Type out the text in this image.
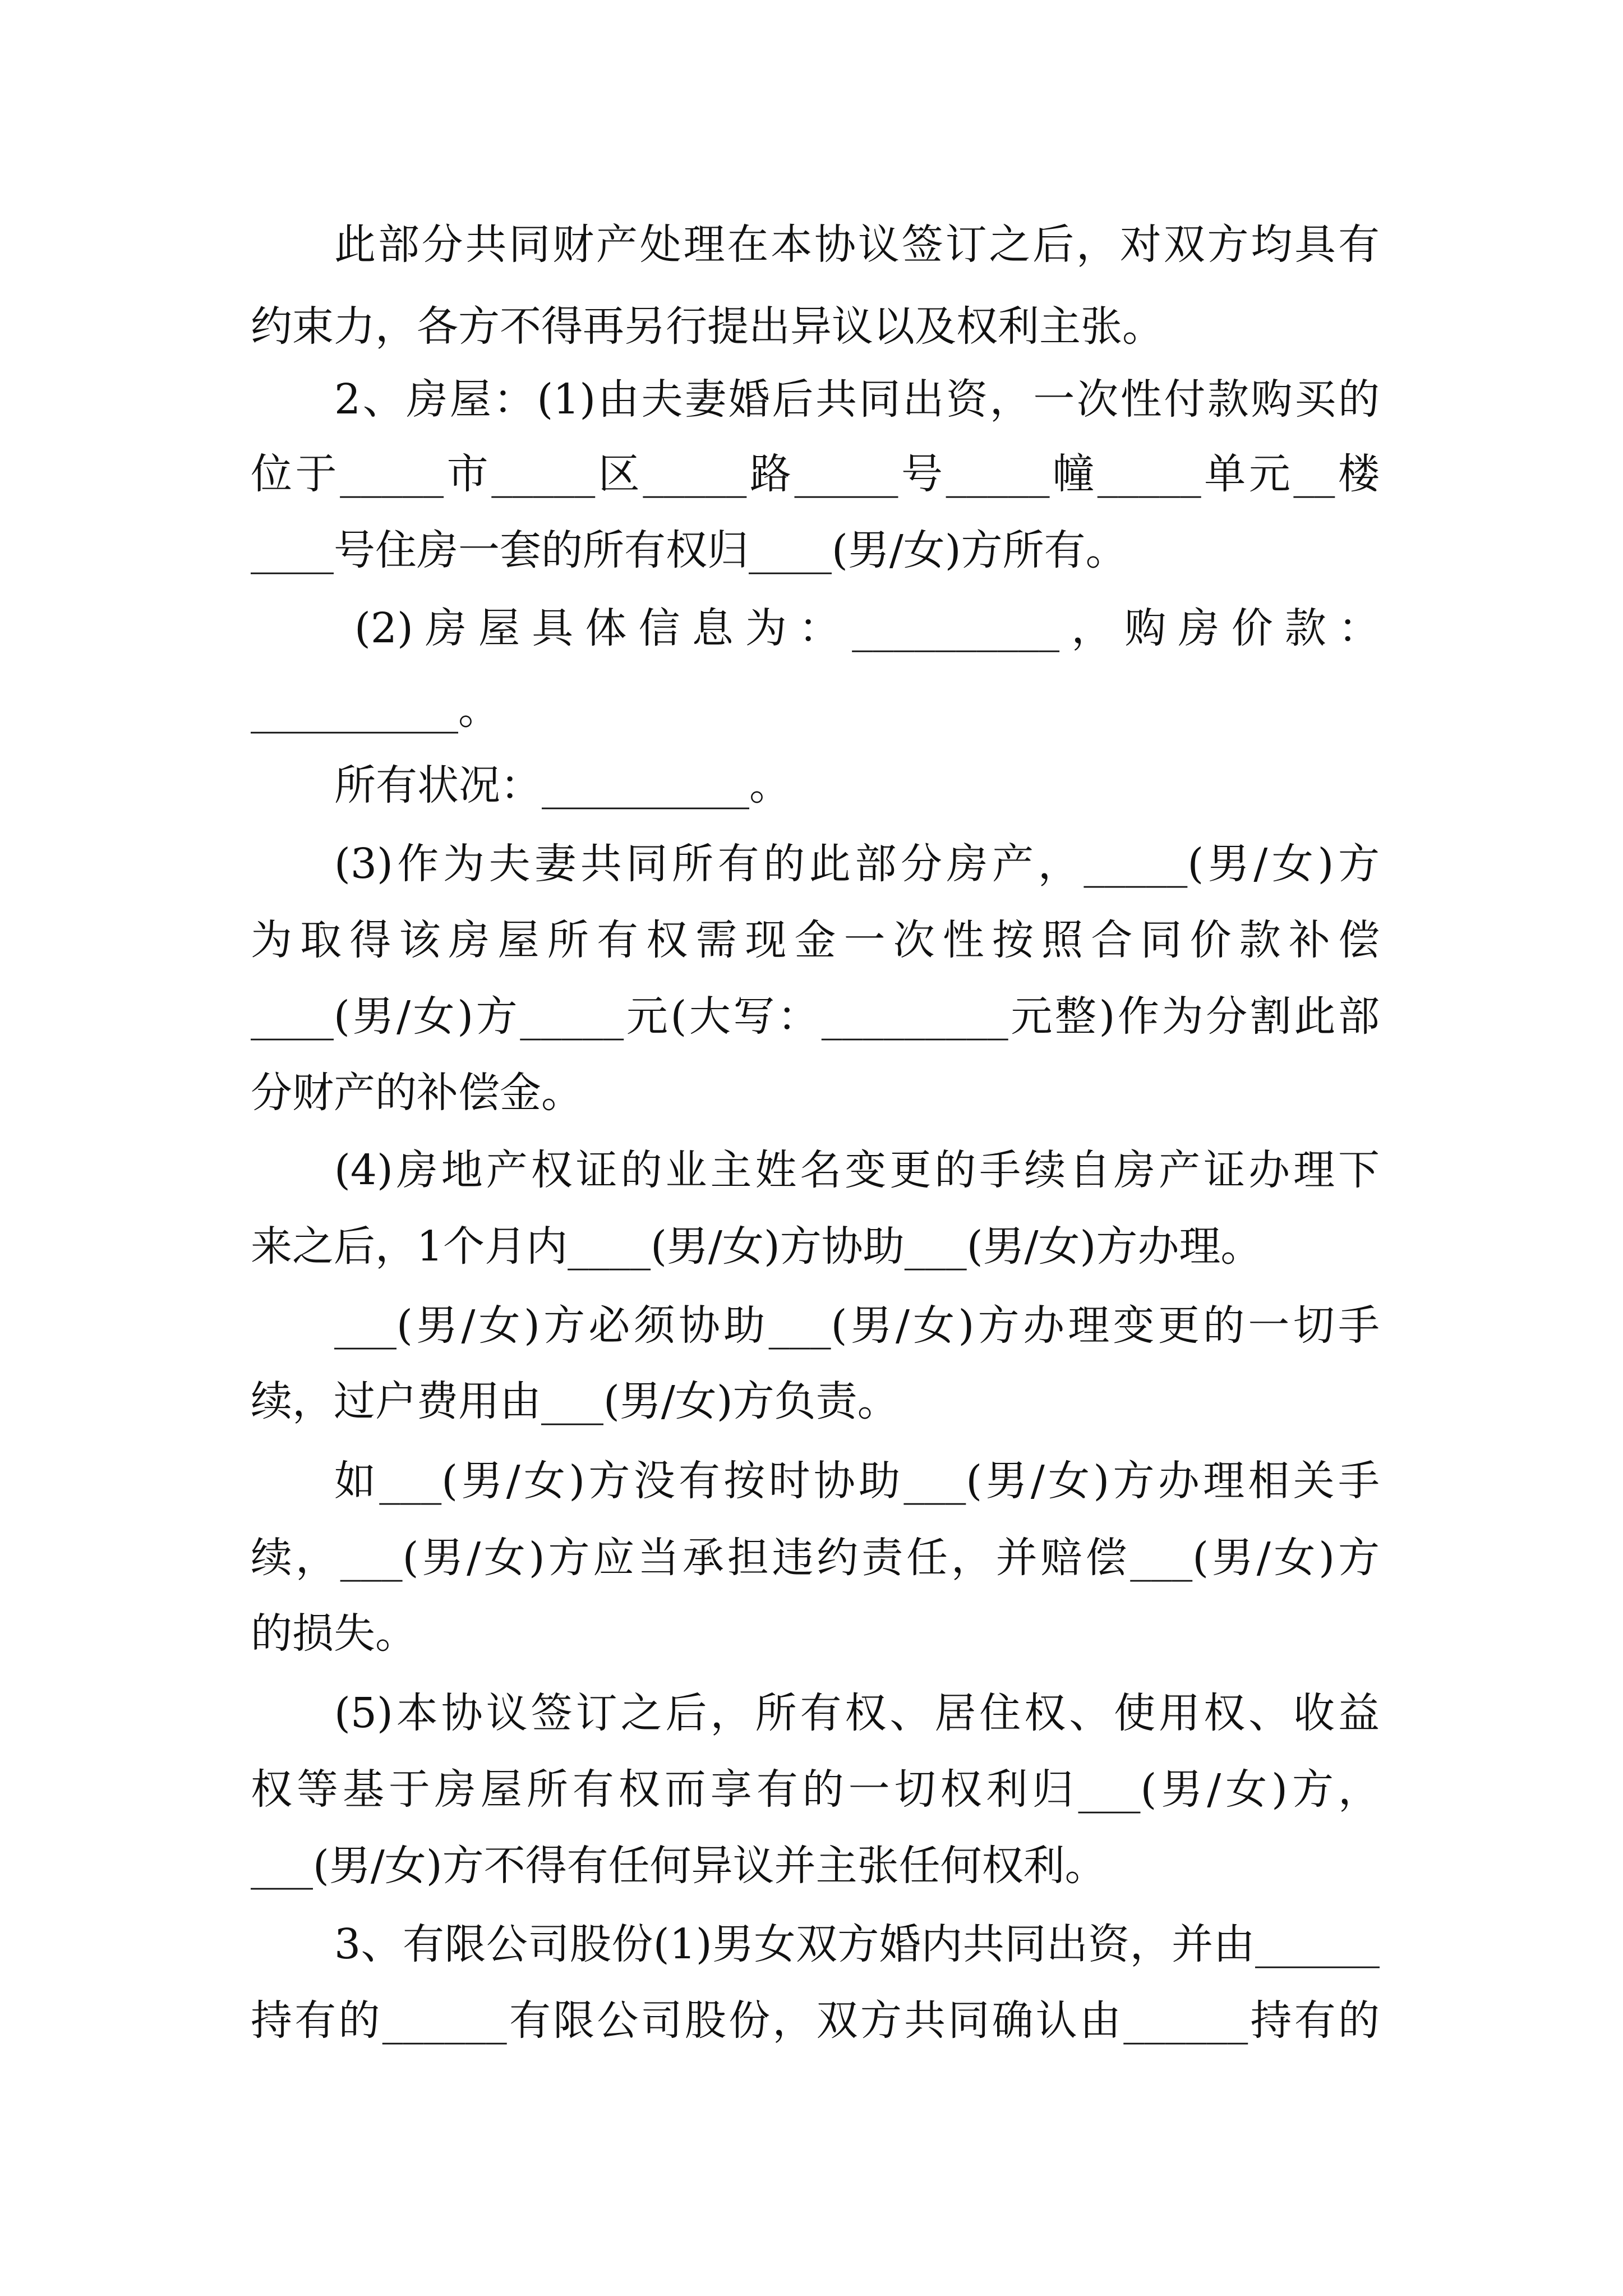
此部分共同财产处理在本协议签订之后，对双方均具有
约束力，各方不得再另行提出异议以及权利主张。
2、房屋：(1)由夫妻婚后共同出资，一次性付款购买的
位于_____市_____区_____路_____号_____幢_____单元__楼
____号住房一套的所有权归____(男/女)方所有。
(2)房屋具体信息为：__________，购房价款：
__________。
所有状况：__________。
(3)作为夫妻共同所有的此部分房产，_____(男/女)方
为取得该房屋所有权需现金一次性按照合同价款补偿
____(男/女)方_____元(大写：_________元整)作为分割此部
分财产的补偿金。
(4)房地产权证的业主姓名变更的手续自房产证办理下
来之后，1个月内____(男/女)方协助___(男/女)方办理。
___(男/女)方必须协助___(男/女)方办理变更的一切手
续，过户费用由___(男/女)方负责。
如___(男/女)方没有按时协助___(男/女)方办理相关手
续，___(男/女)方应当承担违约责任，并赔偿___(男/女)方
的损失。
(5)本协议签订之后，所有权、居住权、使用权、收益
权等基于房屋所有权而享有的一切权利归___(男/女)方，
___(男/女)方不得有任何异议并主张任何权利。
3、有限公司股份(1)男女双方婚内共同出资，并由______
持有的______有限公司股份，双方共同确认由______持有的
